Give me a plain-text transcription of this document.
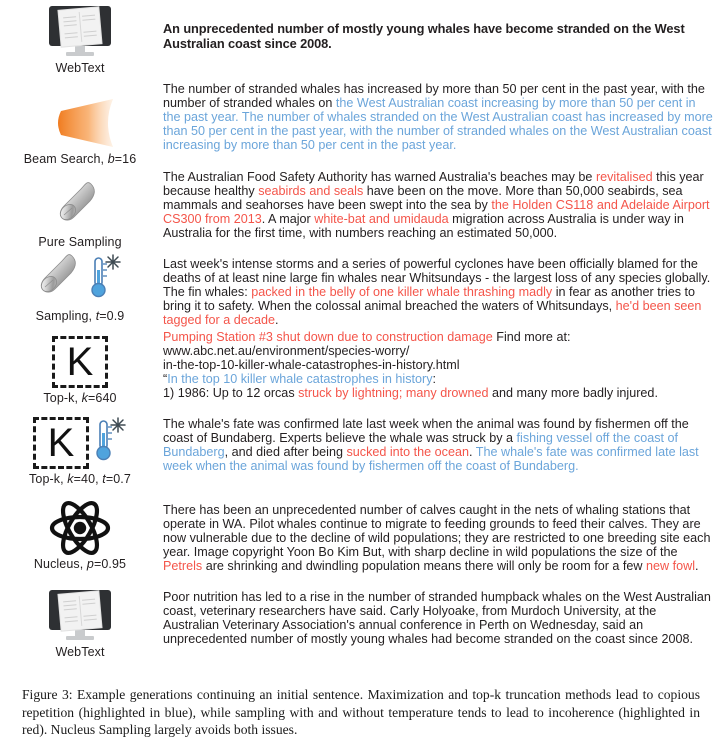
WebText
Beam Search, b=16
Pure Sampling
Sampling, t=0.9
K
Top-k, k=640
K
Top-k, k=40, t=0.7
Nucleus, p=0.95
WebText
An unprecedented number of mostly young whales have become stranded on the West Australian coast since 2008.
The number of stranded whales has increased by more than 50 per cent in the past year, with the number of stranded whales on the West Australian coast increasing by more than 50 per cent in the past year. The number of whales stranded on the West Australian coast has increased by more than 50 per cent in the past year, with the number of stranded whales on the West Australian coast increasing by more than 50 per cent in the past year.
The Australian Food Safety Authority has warned Australia's beaches may be revitalised this year because healthy seabirds and seals have been on the move. More than 50,000 seabirds, sea mammals and seahorses have been swept into the sea by the Holden CS118 and Adelaide Airport CS300 from 2013. A major white-bat and umidauda migration across Australia is under way in Australia for the first time, with numbers reaching an estimated 50,000.
Last week's intense storms and a series of powerful cyclones have been officially blamed for the deaths of at least nine large fin whales near Whitsundays - the largest loss of any species globally. The fin whales: packed in the belly of one killer whale thrashing madly in fear as another tries to bring it to safety. When the colossal animal breached the waters of Whitsundays, he'd been seen tagged for a decade.
Pumping Station #3 shut down due to construction damage Find more at: www.abc.net.au/environment/species-worry/
in-the-top-10-killer-whale-catastrophes-in-history.html
“In the top 10 killer whale catastrophes in history:
1) 1986: Up to 12 orcas struck by lightning; many drowned and many more badly injured.
The whale's fate was confirmed late last week when the animal was found by fishermen off the coast of Bundaberg. Experts believe the whale was struck by a fishing vessel off the coast of Bundaberg, and died after being sucked into the ocean. The whale's fate was confirmed late last week when the animal was found by fishermen off the coast of Bundaberg.
There has been an unprecedented number of calves caught in the nets of whaling stations that operate in WA. Pilot whales continue to migrate to feeding grounds to feed their calves. They are now vulnerable due to the decline of wild populations; they are restricted to one breeding site each year. Image copyright Yoon Bo Kim But, with sharp decline in wild populations the size of the Petrels are shrinking and dwindling population means there will only be room for a few new fowl.
Poor nutrition has led to a rise in the number of stranded humpback whales on the West Australian coast, veterinary researchers have said. Carly Holyoake, from Murdoch University, at the Australian Veterinary Association's annual conference in Perth on Wednesday, said an unprecedented number of mostly young whales had become stranded on the coast since 2008.
Figure 3: Example generations continuing an initial sentence. Maximization and top-k truncation methods lead to copious repetition (highlighted in blue), while sampling with and without temperature tends to lead to incoherence (highlighted in red). Nucleus Sampling largely avoids both issues.
